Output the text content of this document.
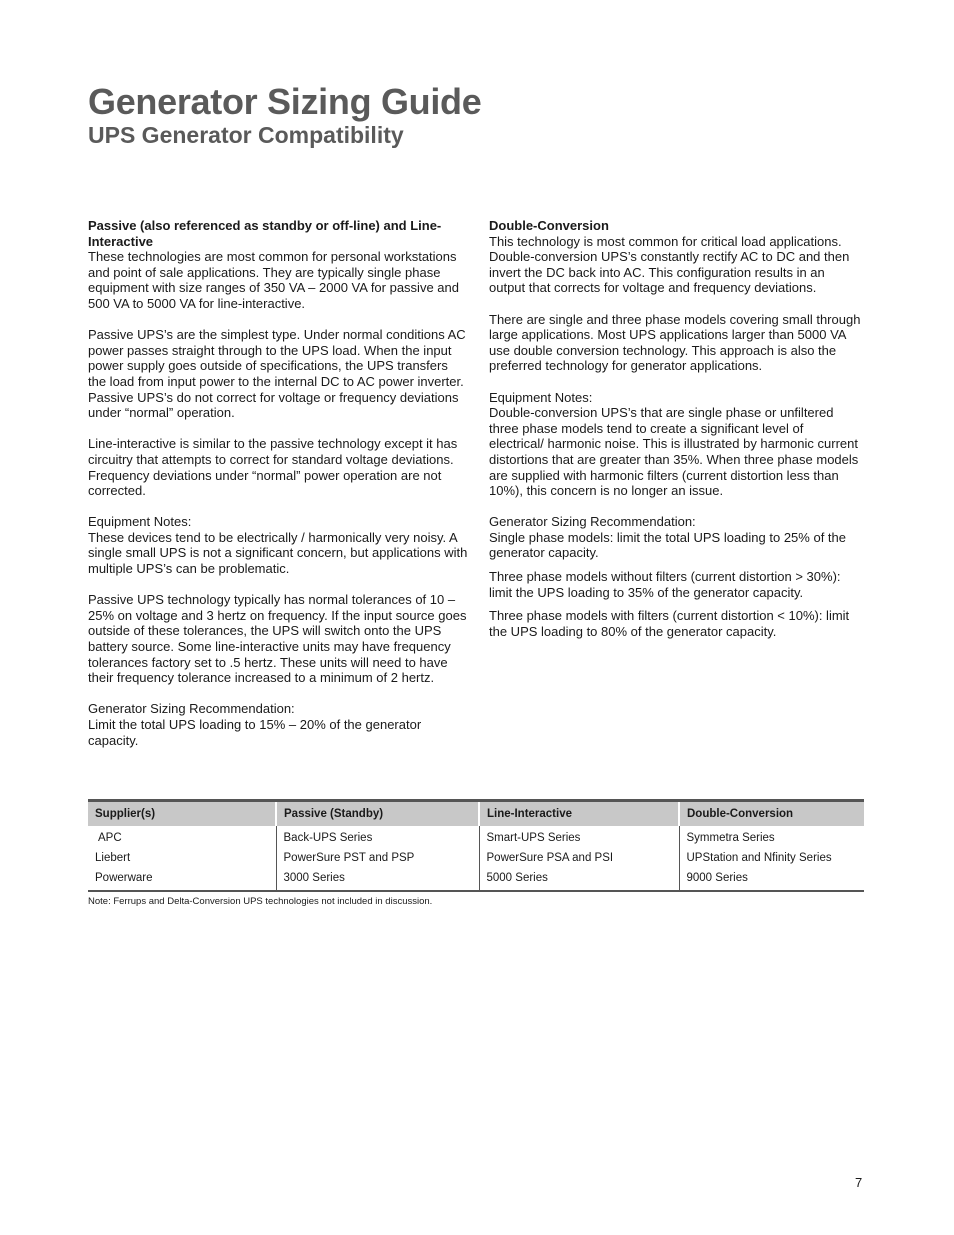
Generator Sizing Guide
UPS Generator Compatibility

Passive (also referenced as standby or off-line) and Line-Interactive
These technologies are most common for personal workstations and point of sale applications. They are typically single phase equipment with size ranges of 350 VA – 2000 VA for passive and 500 VA to 5000 VA for line-interactive.

Passive UPS’s are the simplest type. Under normal conditions AC power passes straight through to the UPS load. When the input power supply goes outside of specifications, the UPS transfers the load from input power to the internal DC to AC power inverter. Passive UPS’s do not correct for voltage or frequency deviations under “normal” operation.

Line-interactive is similar to the passive technology except it has circuitry that attempts to correct for standard voltage deviations. Frequency deviations under “normal” power operation are not corrected.

Equipment Notes:
These devices tend to be electrically / harmonically very noisy. A single small UPS is not a significant concern, but applications with multiple UPS’s can be problematic.

Passive UPS technology typically has normal tolerances of 10 – 25% on voltage and 3 hertz on frequency. If the input source goes outside of these tolerances, the UPS will switch onto the UPS battery source. Some line-interactive units may have frequency tolerances factory set to .5 hertz. These units will need to have their frequency tolerance increased to a minimum of 2 hertz.

Generator Sizing Recommendation:
Limit the total UPS loading to 15% – 20% of the generator capacity.

Double-Conversion
This technology is most common for critical load applications. Double-conversion UPS’s constantly rectify AC to DC and then invert the DC back into AC. This configuration results in an output that corrects for voltage and frequency deviations.

There are single and three phase models covering small through large applications. Most UPS applications larger than 5000 VA use double conversion technology. This approach is also the preferred technology for generator applications.

Equipment Notes:
Double-conversion UPS’s that are single phase or unfiltered three phase models tend to create a significant level of electrical/ harmonic noise. This is illustrated by harmonic current distortions that are greater than 35%. When three phase models are supplied with harmonic filters (current distortion less than 10%), this concern is no longer an issue.

Generator Sizing Recommendation:
Single phase models: limit the total UPS loading to 25% of the generator capacity.

Three phase models without filters (current distortion > 30%): limit the UPS loading to 35% of the generator capacity.

Three phase models with filters (current distortion < 10%): limit the UPS loading to 80% of the generator capacity.

Supplier(s)	Passive (Standby)	Line-Interactive	Double-Conversion
APC	Back-UPS Series	Smart-UPS Series	Symmetra Series
Liebert	PowerSure PST and PSP	PowerSure PSA and PSI	UPStation and Nfinity Series
Powerware	3000 Series	5000 Series	9000 Series
Note: Ferrups and Delta-Conversion UPS technologies not included in discussion.
7
